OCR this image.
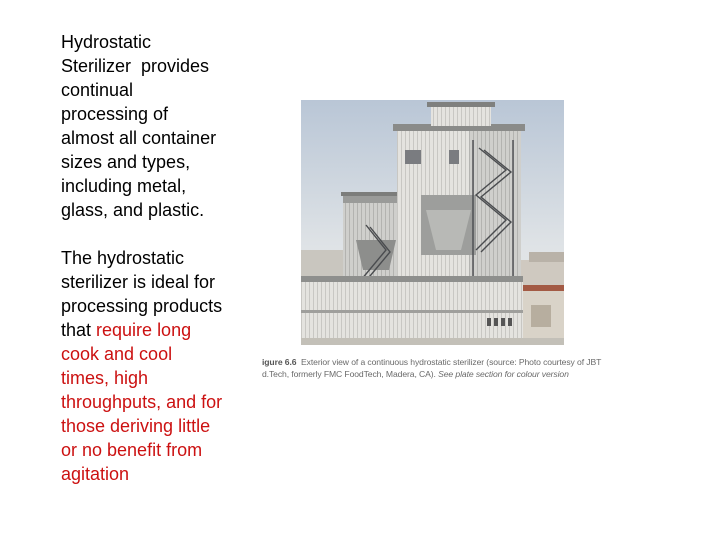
Hydrostatic
Sterilizer  provides
continual
processing of
almost all container
sizes and types,
including metal,
glass, and plastic.

The hydrostatic
sterilizer is ideal for
processing products
that require long
cook and cool
times, high
throughputs, and for
those deriving little
or no benefit from
agitation

igure 6.6  Exterior view of a continuous hydrostatic sterilizer (source: Photo courtesy of JBT
d.Tech, formerly FMC FoodTech, Madera, CA). See plate section for colour version
